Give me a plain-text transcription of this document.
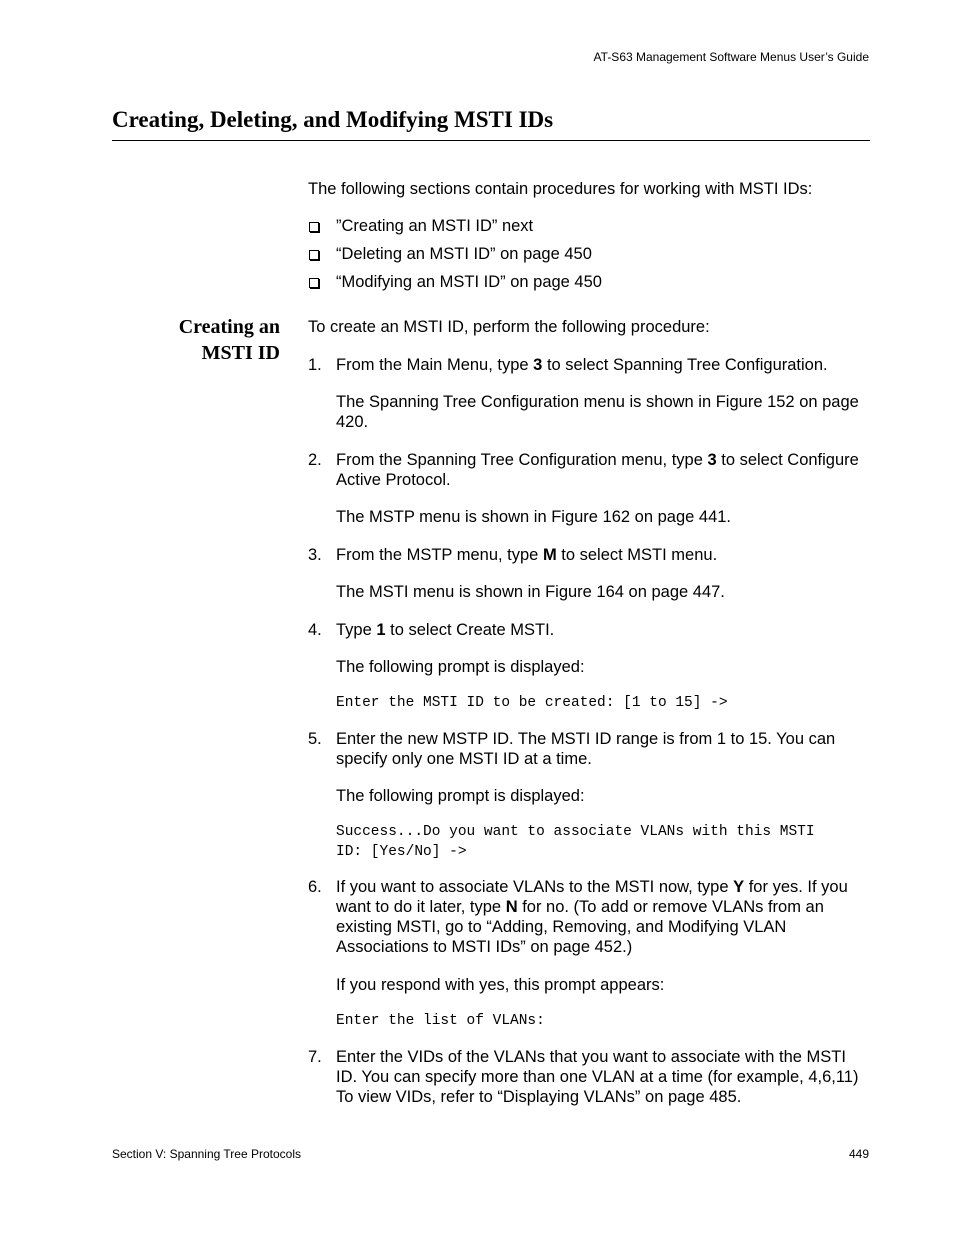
AT-S63 Management Software Menus User’s Guide
Creating, Deleting, and Modifying MSTI IDs
The following sections contain procedures for working with MSTI IDs:
”Creating an MSTI ID” next
“Deleting an MSTI ID” on page 450
“Modifying an MSTI ID” on page 450
Creating an
MSTI ID
To create an MSTI ID, perform the following procedure:
1. From the Main Menu, type 3 to select Spanning Tree Configuration.
The Spanning Tree Configuration menu is shown in Figure 152 on page 420.
2. From the Spanning Tree Configuration menu, type 3 to select Configure Active Protocol.
The MSTP menu is shown in Figure 162 on page 441.
3. From the MSTP menu, type M to select MSTI menu.
The MSTI menu is shown in Figure 164 on page 447.
4. Type 1 to select Create MSTI.
The following prompt is displayed:
Enter the MSTI ID to be created: [1 to 15] ->
5. Enter the new MSTP ID. The MSTI ID range is from 1 to 15. You can specify only one MSTI ID at a time.
The following prompt is displayed:
Success...Do you want to associate VLANs with this MSTI
ID: [Yes/No] ->
6. If you want to associate VLANs to the MSTI now, type Y for yes. If you want to do it later, type N for no. (To add or remove VLANs from an existing MSTI, go to “Adding, Removing, and Modifying VLAN Associations to MSTI IDs” on page 452.)
If you respond with yes, this prompt appears:
Enter the list of VLANs:
7. Enter the VIDs of the VLANs that you want to associate with the MSTI ID. You can specify more than one VLAN at a time (for example, 4,6,11) To view VIDs, refer to “Displaying VLANs” on page 485.
Section V: Spanning Tree Protocols	449
